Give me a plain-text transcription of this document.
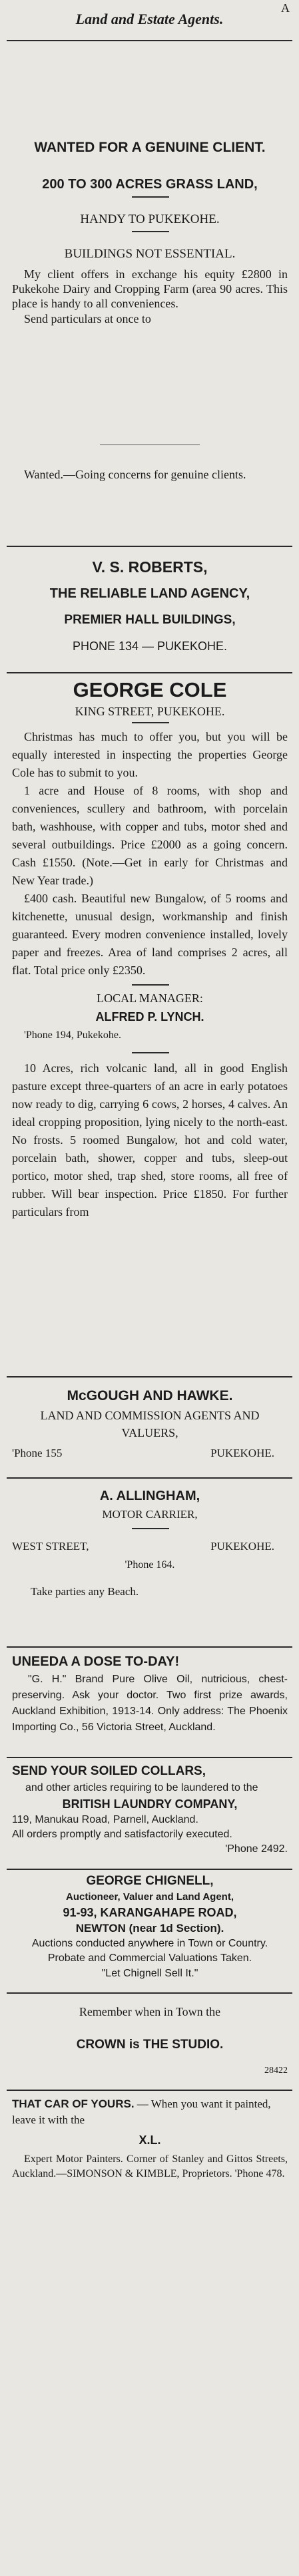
Land and Estate Agents.
A

WANTED FOR A GENUINE CLIENT.

200 TO 300 ACRES GRASS LAND,

HANDY TO PUKEKOHE.

BUILDINGS NOT ESSENTIAL.

My client offers in exchange his equity £2800 in Pukekohe Dairy and Cropping Farm (area 90 acres. This place is handy to all conveniences.

Send particulars at once to

Wanted.—Going concerns for genuine clients.

V. S. ROBERTS,

THE RELIABLE LAND AGENCY,

PREMIER HALL BUILDINGS,

PHONE 134 — PUKEKOHE.

GEORGE COLE

KING STREET, PUKEKOHE.

Christmas has much to offer you, but you will be equally interested in inspecting the properties George Cole has to submit to you.

1 acre and House of 8 rooms, with shop and conveniences, scullery and bathroom, with porcelain bath, washhouse, with copper and tubs, motor shed and several outbuildings. Price £2000 as a going concern. Cash £1550. (Note.—Get in early for Christmas and New Year trade.)

£400 cash. Beautiful new Bungalow, of 5 rooms and kitchenette, unusual design, workmanship and finish guaranteed. Every modren convenience installed, lovely paper and freezes. Area of land comprises 2 acres, all flat. Total price only £2350.

LOCAL MANAGER:

ALFRED P. LYNCH.

'Phone 194, Pukekohe.

10 Acres, rich volcanic land, all in good English pasture except three-quarters of an acre in early potatoes now ready to dig, carrying 6 cows, 2 horses, 4 calves. An ideal cropping proposition, lying nicely to the north-east. No frosts. 5 roomed Bungalow, hot and cold water, porcelain bath, shower, copper and tubs, sleep-out portico, motor shed, trap shed, store rooms, all free of rubber. Will bear inspection. Price £1850. For further particulars from

McGOUGH AND HAWKE.

LAND AND COMMISSION AGENTS AND VALUERS,

'Phone 155	PUKEKOHE.

A. ALLINGHAM,

MOTOR CARRIER,

WEST STREET,	PUKEKOHE.

'Phone 164.

Take parties any Beach.

UNEEDA A DOSE TO-DAY!

"G. H." Brand Pure Olive Oil, nutricious, chest-preserving. Ask your doctor. Two first prize awards, Auckland Exhibition, 1913-14. Only address: The Phoenix Importing Co., 56 Victoria Street, Auckland.

SEND YOUR SOILED COLLARS,

and other articles requiring to be laundered to the

BRITISH LAUNDRY COMPANY,

119, Manukau Road, Parnell, Auckland.

All orders promptly and satisfactorily executed.

'Phone 2492.

GEORGE CHIGNELL,

Auctioneer, Valuer and Land Agent,

91-93, KARANGAHAPE ROAD,

NEWTON (near 1d Section).

Auctions conducted anywhere in Town or Country. Probate and Commercial Valuations Taken.

"Let Chignell Sell It."

Remember when in Town the

CROWN is THE STUDIO.

28422

THAT CAR OF YOURS. — When you want it painted, leave it with the

X.L.

Expert Motor Painters. Corner of Stanley and Gittos Streets, Auckland.—SIMONSON & KIMBLE, Proprietors. 'Phone 478.
